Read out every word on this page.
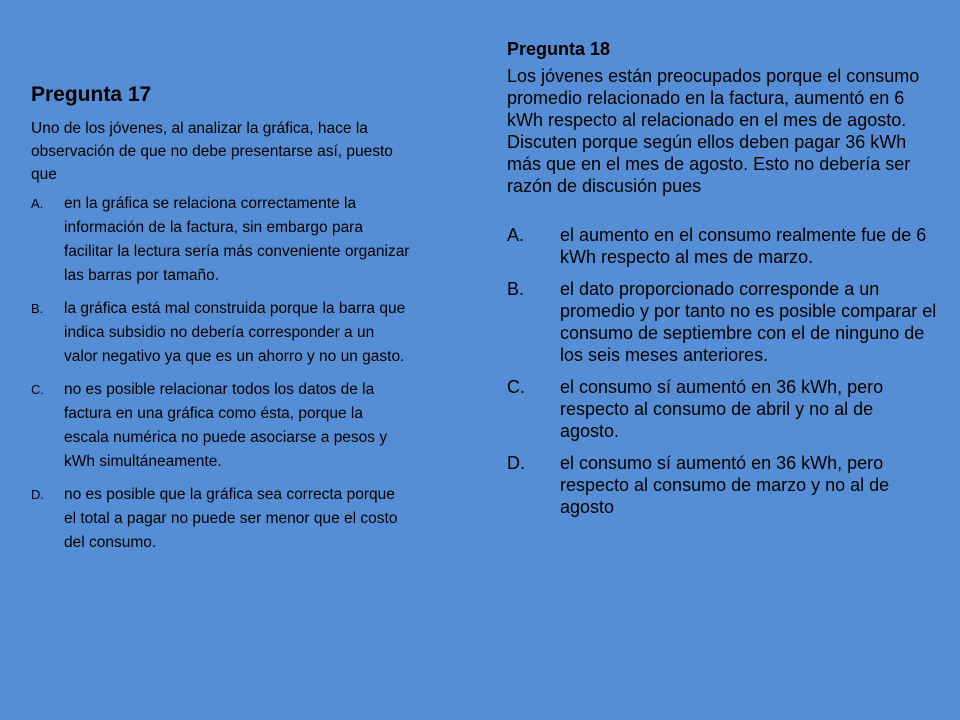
Pregunta 17
Uno de los jóvenes, al analizar la gráfica, hace la observación de que no debe presentarse así, puesto que
A.	en la gráfica se relaciona correctamente la información de la factura, sin embargo para facilitar la lectura sería más conveniente organizar las barras por tamaño.
B.	la gráfica está mal construida porque la barra que indica subsidio no debería corresponder a un valor negativo ya que es un ahorro y no un gasto.
C.	no es posible relacionar todos los datos de la factura en una gráfica como ésta, porque la escala numérica no puede asociarse a pesos y kWh simultáneamente.
D.	no es posible que la gráfica sea correcta porque el total a pagar no puede ser menor que el costo del consumo.
Pregunta 18
Los jóvenes están preocupados porque el consumo promedio relacionado en la factura, aumentó en 6 kWh respecto al relacionado en el mes de agosto. Discuten porque según ellos deben pagar 36 kWh más que en el mes de agosto. Esto no debería ser razón de discusión pues
A.	el aumento en el consumo realmente fue de 6 kWh respecto al mes de marzo.
B.	el dato proporcionado corresponde a un promedio y por tanto no es posible comparar el consumo de septiembre con el de ninguno de los seis meses anteriores.
C.	el consumo sí aumentó en 36 kWh, pero respecto al consumo de abril y no al de agosto.
D.	el consumo sí aumentó en 36 kWh, pero respecto al consumo de marzo y no al de agosto
